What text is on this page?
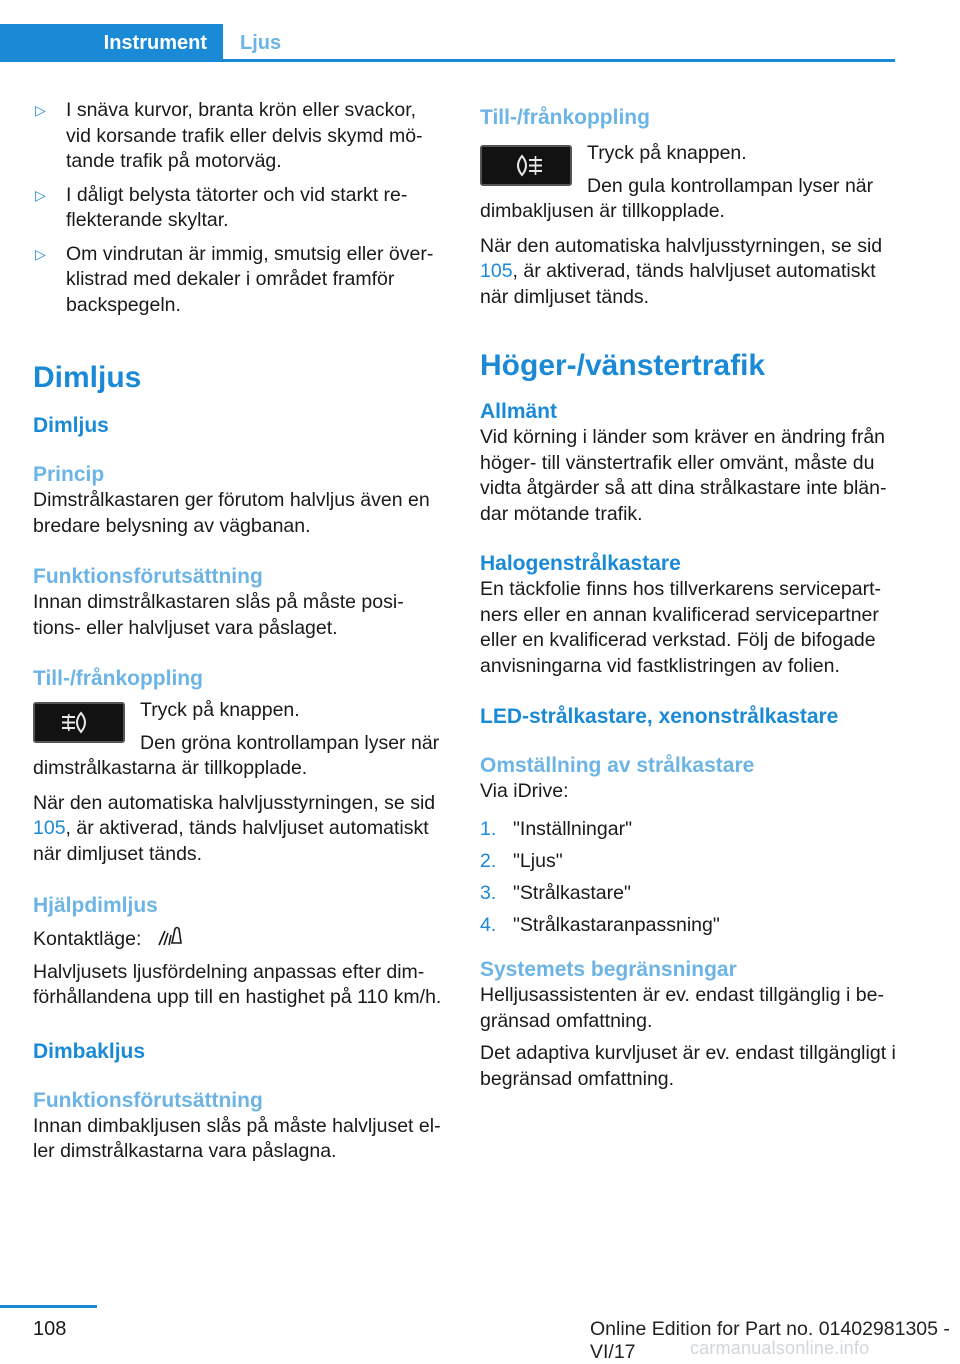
Instrument	Ljus
▷ I snäva kurvor, branta krön eller svackor, vid korsande trafik eller delvis skymd mötande trafik på motorväg.
▷ I dåligt belysta tätorter och vid starkt reflekterande skyltar.
▷ Om vindrutan är immig, smutsig eller överklistrad med dekaler i området framför backspegeln.
Dimljus
Dimljus
Princip

Dimstrålkastaren ger förutom halvljus även en bredare belysning av vägbanan.

Funktionsförutsättning

Innan dimstrålkastaren slås på måste positions- eller halvljuset vara påslaget.

Till-/frånkoppling

Tryck på knappen.

Den gröna kontrollampan lyser när dimstrålkastarna är tillkopplade.

När den automatiska halvljusstyrningen, se sid 105, är aktiverad, tänds halvljuset automatiskt när dimljuset tänds.

Hjälpdimljus

Kontaktläge:

Halvljusets ljusfördelning anpassas efter dimförhållandena upp till en hastighet på 110 km/h.

Dimbakljus
Funktionsförutsättning

Innan dimbakljusen slås på måste halvljuset eller dimstrålkastarna vara påslagna.

Till-/frånkoppling

Tryck på knappen.

Den gula kontrollampan lyser när dimbakljusen är tillkopplade.

När den automatiska halvljusstyrningen, se sid 105, är aktiverad, tänds halvljuset automatiskt när dimljuset tänds.

Höger-/vänstertrafik
Allmänt

Vid körning i länder som kräver en ändring från höger- till vänstertrafik eller omvänt, måste du vidta åtgärder så att dina strålkastare inte bländar mötande trafik.

Halogenstrålkastare

En täckfolie finns hos tillverkarens servicepartners eller en annan kvalificerad servicepartner eller en kvalificerad verkstad. Följ de bifogade anvisningarna vid fastklistringen av folien.

LED-strålkastare, xenonstrålkastare
Omställning av strålkastare

Via iDrive:

1. "Inställningar"
2. "Ljus"
3. "Strålkastare"
4. "Strålkastaranpassning"
Systemets begränsningar

Helljusassistenten är ev. endast tillgänglig i begränsad omfattning.

Det adaptiva kurvljuset är ev. endast tillgängligt i begränsad omfattning.

108	Online Edition for Part no. 01402981305 - VI/17	carmanualsonline.info
